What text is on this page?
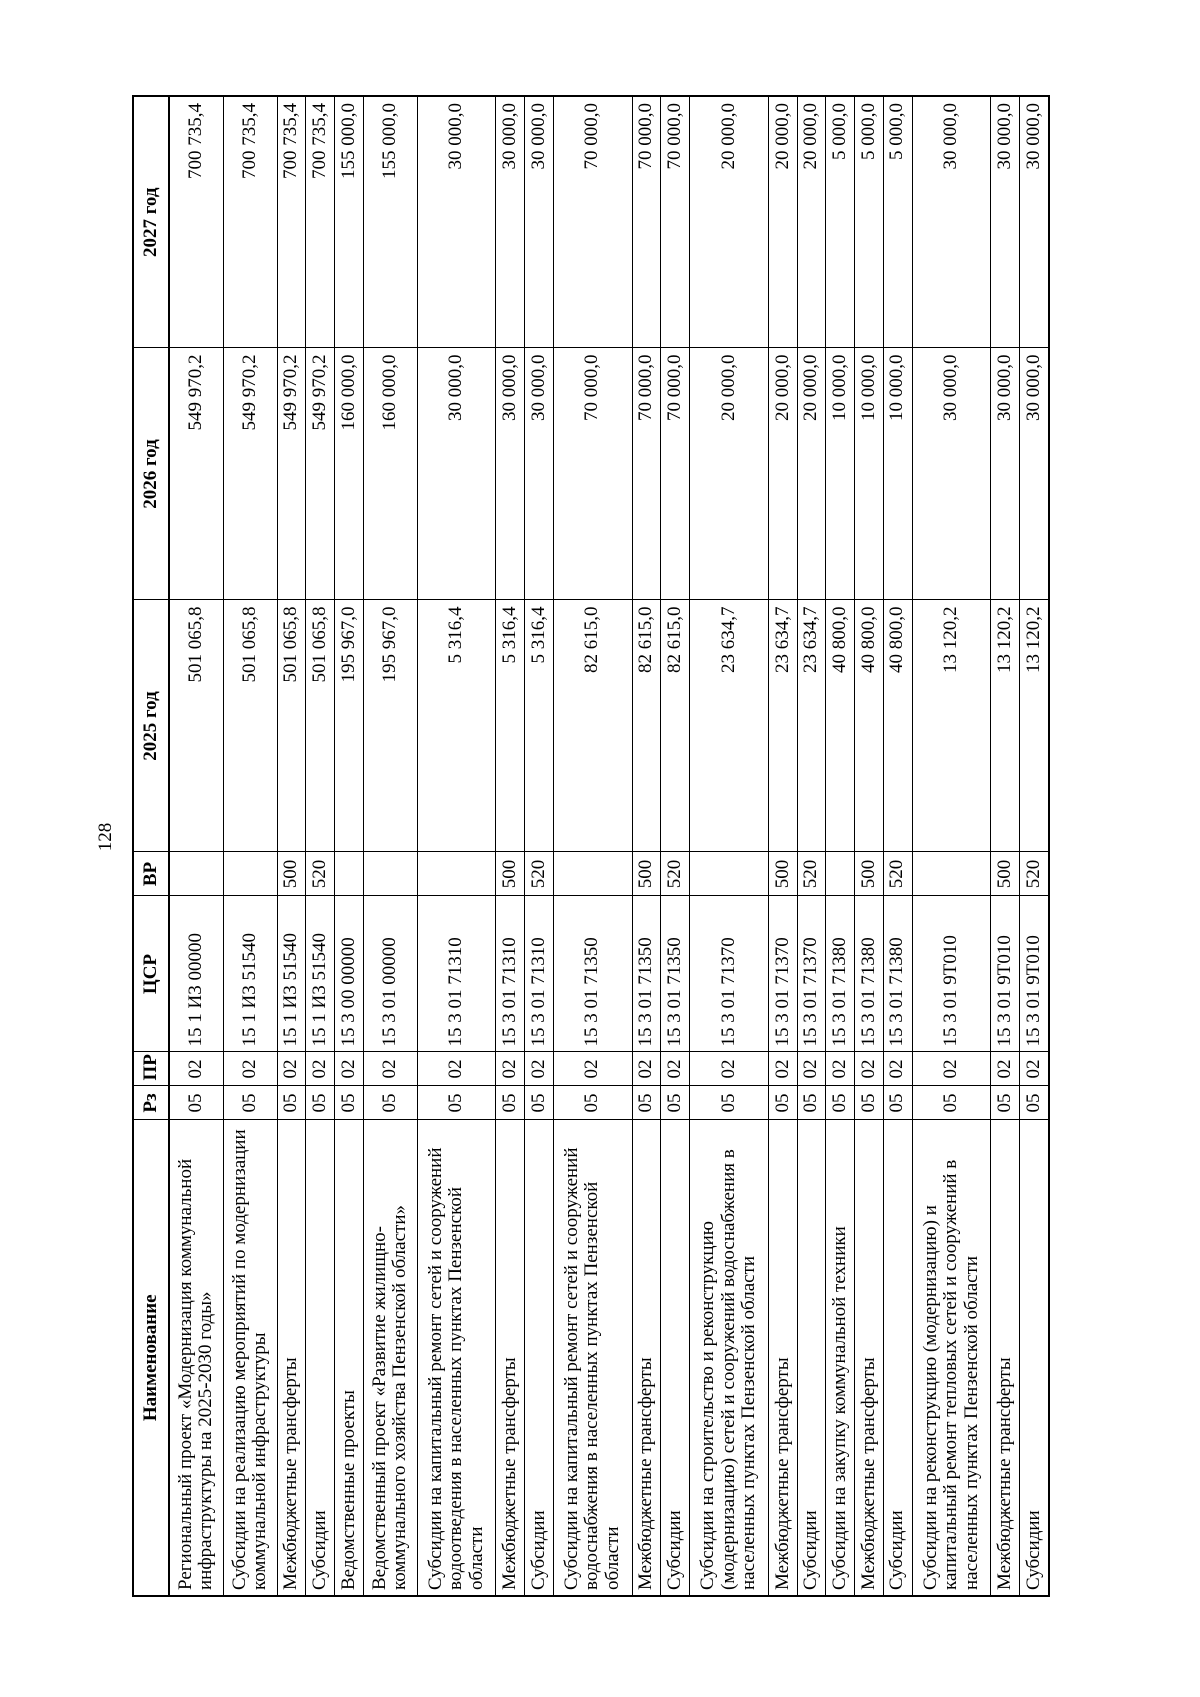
128
Наименование	Рз	ПР	ЦСР	ВР	2025 год	2026 год	2027 год
Региональный проект «Модернизация коммунальной инфраструктуры на 2025-2030 годы»	05	02	15 1 И3 00000		501 065,8	549 970,2	700 735,4
Субсидии на реализацию мероприятий по модернизации коммунальной инфраструктуры	05	02	15 1 И3 51540		501 065,8	549 970,2	700 735,4
Межбюджетные трансферты	05	02	15 1 И3 51540	500	501 065,8	549 970,2	700 735,4
Субсидии	05	02	15 1 И3 51540	520	501 065,8	549 970,2	700 735,4
Ведомственные проекты	05	02	15 3 00 00000		195 967,0	160 000,0	155 000,0
Ведомственный проект «Развитие жилищно-коммунального хозяйства Пензенской области»	05	02	15 3 01 00000		195 967,0	160 000,0	155 000,0
Субсидии на капитальный ремонт сетей и сооружений водоотведения в населенных пунктах Пензенской области	05	02	15 3 01 71310		5 316,4	30 000,0	30 000,0
Межбюджетные трансферты	05	02	15 3 01 71310	500	5 316,4	30 000,0	30 000,0
Субсидии	05	02	15 3 01 71310	520	5 316,4	30 000,0	30 000,0
Субсидии на капитальный ремонт сетей и сооружений водоснабжения в населенных пунктах Пензенской области	05	02	15 3 01 71350		82 615,0	70 000,0	70 000,0
Межбюджетные трансферты	05	02	15 3 01 71350	500	82 615,0	70 000,0	70 000,0
Субсидии	05	02	15 3 01 71350	520	82 615,0	70 000,0	70 000,0
Субсидии на строительство и реконструкцию (модернизацию) сетей и сооружений водоснабжения в населенных пунктах Пензенской области	05	02	15 3 01 71370		23 634,7	20 000,0	20 000,0
Межбюджетные трансферты	05	02	15 3 01 71370	500	23 634,7	20 000,0	20 000,0
Субсидии	05	02	15 3 01 71370	520	23 634,7	20 000,0	20 000,0
Субсидии на закупку коммунальной техники	05	02	15 3 01 71380		40 800,0	10 000,0	5 000,0
Межбюджетные трансферты	05	02	15 3 01 71380	500	40 800,0	10 000,0	5 000,0
Субсидии	05	02	15 3 01 71380	520	40 800,0	10 000,0	5 000,0
Субсидии на реконструкцию (модернизацию) и капитальный ремонт тепловых сетей и сооружений в населенных пунктах Пензенской области	05	02	15 3 01 9Т010		13 120,2	30 000,0	30 000,0
Межбюджетные трансферты	05	02	15 3 01 9Т010	500	13 120,2	30 000,0	30 000,0
Субсидии	05	02	15 3 01 9Т010	520	13 120,2	30 000,0	30 000,0
